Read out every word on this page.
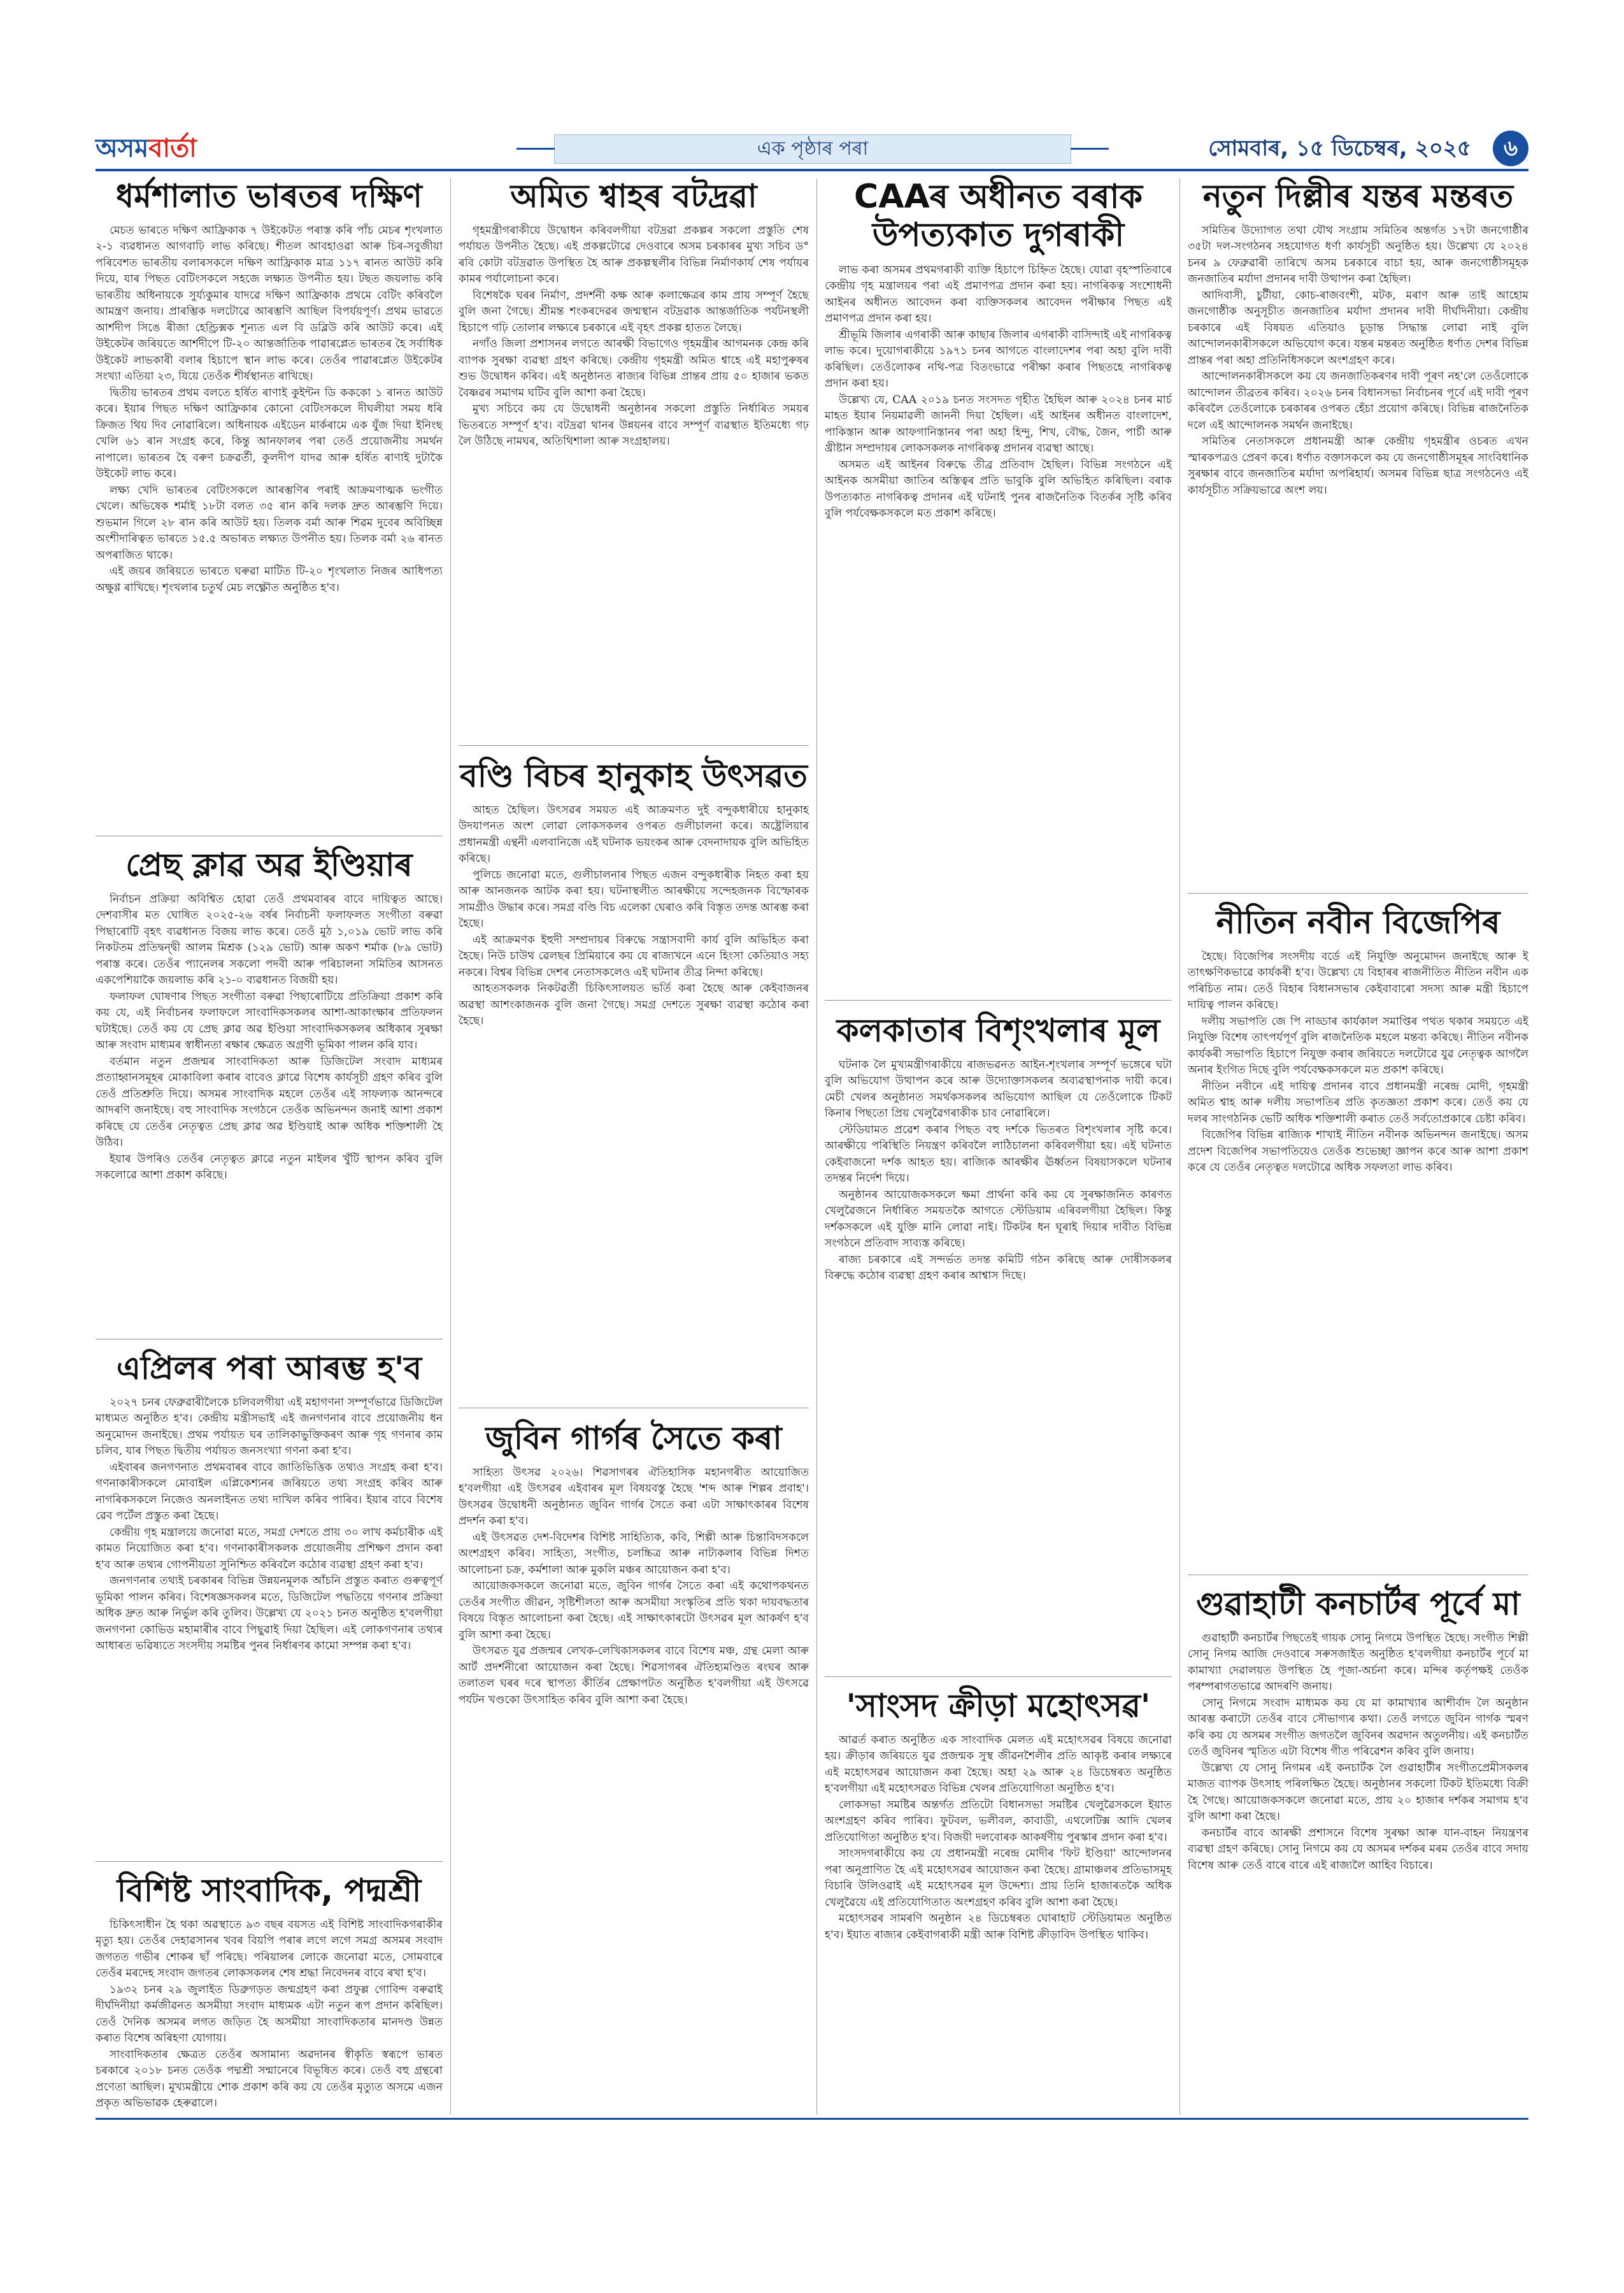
অসমবাৰ্তা	এক পৃষ্ঠাৰ পৰা	সোমবাৰ, ১৫ ডিচেম্বৰ, ২০২৫	৬
ধৰ্মশালাত ভাৰতৰ দক্ষিণ

মেচত ভাৰতে দক্ষিণ আফ্ৰিকাক ৭ উইকেটত পৰাস্ত কৰি পাঁচ মেচৰ শৃংখলাত ২-১ ব্যৱধানত আগবাঢ়ি লাভ কৰিছে। শীতল আবহাওৱা আৰু চিৰ-সবুজীয়া পৰিবেশত ভাৰতীয় বলাৰসকলে দক্ষিণ আফ্ৰিকাক মাত্ৰ ১১৭ ৰানত আউট কৰি দিয়ে, যাৰ পিছত বেটিংসকলে সহজে লক্ষ্যত উপনীত হয়। টছত জয়লাভ কৰি ভাৰতীয় অধিনায়কে সুৰ্য্যকুমাৰ যাদৱে দক্ষিণ আফ্ৰিকাক প্ৰথমে বেটিং কৰিবলৈ আমন্ত্ৰণ জনায়। প্ৰাৰম্ভিক দলটোৱে আৰম্ভণি আছিল বিপৰ্যয়পূৰ্ণ। প্ৰথম ভাৱতে আৰ্শদীপ সিঙে ৰীজা হেণ্ড্ৰিক্সক শূন্যত এল বি ডব্লিউ কৰি আউট কৰে। এই উইকেটৰ জৰিয়তে আৰ্শদীপে টি-২০ আন্তৰ্জাতিক পাৱাৰপ্লেত ভাৰতৰ হৈ সৰ্বাধিক উইকেট লাভকাৰী বলাৰ হিচাপে স্থান লাভ কৰে। তেওঁৰ পাৱাৰপ্লেত উইকেটৰ সংখ্যা এতিয়া ২৩, যিয়ে তেওঁক শীৰ্ষস্থানত ৰাখিছে।

দ্বিতীয় ভাৰতৰ প্ৰথম বলতে হৰ্ষিত ৰাণাই কুইন্টন ডি কককো ১ ৰানত আউট কৰে। ইয়াৰ পিছত দক্ষিণ আফ্ৰিকাৰ কোনো বেটিংসকলে দীঘলীয়া সময় ধৰি ক্ৰিজত থিয় দিব নোৱাৰিলে। অধিনায়ক এইডেন মাৰ্কৰামে এক যুঁজ দিয়া ইনিংছ খেলি ৬১ ৰান সংগ্ৰহ কৰে, কিন্তু আনফালৰ পৰা তেওঁ প্ৰয়োজনীয় সমৰ্থন নাপালে। ভাৰতৰ হৈ বৰুণ চক্ৰৱৰ্তী, কুলদীপ যাদৱ আৰু হৰ্ষিত ৰাণাই দুটাকৈ উইকেট লাভ কৰে।

লক্ষ্য খেদি ভাৰতৰ বেটিংসকলে আৰম্ভণিৰ পৰাই আক্ৰমণাত্মক ভংগীত খেলে। অভিষেক শৰ্মাই ১৮টা বলত ৩৫ ৰান কৰি দলক দ্ৰুত আৰম্ভণি দিয়ে। শুভমান গিলে ২৮ ৰান কৰি আউট হয়। তিলক বৰ্মা আৰু শিৱম দুবেৰ অবিচ্ছিন্ন অংশীদাৰিত্বত ভাৰতে ১৫.৫ অভাৰত লক্ষ্যত উপনীত হয়। তিলক বৰ্মা ২৬ ৰানত অপৰাজিত থাকে।

এই জয়ৰ জৰিয়তে ভাৰতে ঘৰুৱা মাটিত টি-২০ শৃংখলাত নিজৰ আধিপত্য অক্ষুণ্ণ ৰাখিছে। শৃংখলাৰ চতুৰ্থ মেচ লক্ষ্ণৌত অনুষ্ঠিত হ'ব।

প্ৰেছ ক্লাৱ অৱ ইণ্ডিয়াৰ

নিৰ্বাচন প্ৰক্ৰিয়া অবিশ্বিত হোৱা তেওঁ প্ৰথমবাৰৰ বাবে দায়িত্বত আছে। দেশবাসীৰ মত ঘোষিত ২০২৫-২৬ বৰ্ষৰ নিৰ্বাচনী ফলাফলত সংগীতা বৰুৱা পিছাৰোটি বৃহৎ ব্যৱধানত বিজয় লাভ কৰে। তেওঁ মুঠ ১,০১৯ ভোট লাভ কৰি নিকটতম প্ৰতিদ্বন্দ্বী আলম মিশ্ৰক (১২৯ ভোট) আৰু অকণ শৰ্মাক (৮৯ ভোট) পৰাস্ত কৰে। তেওঁৰ প্যানেলৰ সকলো পদবী আৰু পৰিচালনা সমিতিৰ আসনত একপেশিয়াকৈ জয়লাভ কৰি ২১-০ ব্যৱধানত বিজয়ী হয়।

ফলাফল ঘোষণাৰ পিছত সংগীতা বৰুৱা পিছাৰোটিয়ে প্ৰতিক্ৰিয়া প্ৰকাশ কৰি কয় যে, এই নিৰ্বাচনৰ ফলাফলে সাংবাদিকসকলৰ আশা-আকাংক্ষাৰ প্ৰতিফলন ঘটাইছে। তেওঁ কয় যে প্ৰেছ ক্লাৱ অৱ ইণ্ডিয়া সাংবাদিকসকলৰ অধিকাৰ সুৰক্ষা আৰু সংবাদ মাধ্যমৰ স্বাধীনতা ৰক্ষাৰ ক্ষেত্ৰত অগ্ৰণী ভূমিকা পালন কৰি যাব।

বৰ্তমান নতুন প্ৰজন্মৰ সাংবাদিকতা আৰু ডিজিটেল সংবাদ মাধ্যমৰ প্ৰত্যাহ্বানসমূহৰ মোকাবিলা কৰাৰ বাবেও ক্লাৱে বিশেষ কাৰ্যসূচী গ্ৰহণ কৰিব বুলি তেওঁ প্ৰতিশ্ৰুতি দিয়ে। অসমৰ সাংবাদিক মহলে তেওঁৰ এই সাফল্যক আনন্দৰে আদৰণি জনাইছে। বহু সাংবাদিক সংগঠনে তেওঁক অভিনন্দন জনাই আশা প্ৰকাশ কৰিছে যে তেওঁৰ নেতৃত্বত প্ৰেছ ক্লাৱ অৱ ইণ্ডিয়াই আৰু অধিক শক্তিশালী হৈ উঠিব।

ইয়াৰ উপৰিও তেওঁৰ নেতৃত্বত ক্লাৱে নতুন মাইলৰ খুঁটি স্থাপন কৰিব বুলি সকলোৱে আশা প্ৰকাশ কৰিছে।

এপ্ৰিলৰ পৰা আৰম্ভ হ'ব

২০২৭ চনৰ ফেব্ৰুৱাৰীলৈকে চলিবলগীয়া এই মহাগণনা সম্পূৰ্ণভাৱে ডিজিটেল মাধ্যমত অনুষ্ঠিত হ'ব। কেন্দ্ৰীয় মন্ত্ৰীসভাই এই জনগণনাৰ বাবে প্ৰয়োজনীয় ধন অনুমোদন জনাইছে। প্ৰথম পৰ্যায়ত ঘৰ তালিকাভুক্তিকৰণ আৰু গৃহ গণনাৰ কাম চলিব, যাৰ পিছত দ্বিতীয় পৰ্যায়ত জনসংখ্যা গণনা কৰা হ'ব।

এইবাৰৰ জনগণনাত প্ৰথমবাৰৰ বাবে জাতিভিত্তিক তথ্যও সংগ্ৰহ কৰা হ'ব। গণনাকাৰীসকলে মোবাইল এপ্লিকেশ্যনৰ জৰিয়তে তথ্য সংগ্ৰহ কৰিব আৰু নাগৰিকসকলে নিজেও অনলাইনত তথ্য দাখিল কৰিব পাৰিব। ইয়াৰ বাবে বিশেষ ৱেব পৰ্টেল প্ৰস্তুত কৰা হৈছে।

কেন্দ্ৰীয় গৃহ মন্ত্ৰালয়ে জনোৱা মতে, সমগ্ৰ দেশতে প্ৰায় ৩০ লাখ কৰ্মচাৰীক এই কামত নিয়োজিত কৰা হ'ব। গণনাকাৰীসকলক প্ৰয়োজনীয় প্ৰশিক্ষণ প্ৰদান কৰা হ'ব আৰু তথ্যৰ গোপনীয়তা সুনিশ্চিত কৰিবলৈ কঠোৰ ব্যৱস্থা গ্ৰহণ কৰা হ'ব।

জনগণনাৰ তথ্যই চৰকাৰৰ বিভিন্ন উন্নয়নমূলক আঁচনি প্ৰস্তুত কৰাত গুৰুত্বপূৰ্ণ ভূমিকা পালন কৰিব। বিশেষজ্ঞসকলৰ মতে, ডিজিটেল পদ্ধতিয়ে গণনাৰ প্ৰক্ৰিয়া অধিক দ্ৰুত আৰু নিৰ্ভুল কৰি তুলিব। উল্লেখ্য যে ২০২১ চনত অনুষ্ঠিত হ'বলগীয়া জনগণনা কোভিড মহামাৰীৰ বাবে পিছুৱাই দিয়া হৈছিল। এই লোকগণনাৰ তথ্যৰ আধাৰত ভৱিষ্যতে সংসদীয় সমষ্টিৰ পুনৰ নিৰ্ধাৰণৰ কামো সম্পন্ন কৰা হ'ব।

বিশিষ্ট সাংবাদিক, পদ্মশ্ৰী

চিকিৎসাধীন হৈ থকা অৱস্থাতে ৯৩ বছৰ বয়সত এই বিশিষ্ট সাংবাদিকগৰাকীৰ মৃত্যু হয়। তেওঁৰ দেহাৱসানৰ খবৰ বিয়পি পৰাৰ লগে লগে সমগ্ৰ অসমৰ সংবাদ জগতত গভীৰ শোকৰ ছাঁ পৰিছে। পৰিয়ালৰ লোকে জনোৱা মতে, সোমবাৰে তেওঁৰ মৰদেহ সংবাদ জগতৰ লোকসকলৰ শেষ শ্ৰদ্ধা নিবেদনৰ বাবে ৰখা হ'ব।

১৯৩২ চনৰ ২৯ জুলাইত ডিব্ৰুগড়ত জন্মগ্ৰহণ কৰা প্ৰফুল্ল গোবিন্দ বৰুৱাই দীৰ্ঘদিনীয়া কৰ্মজীৱনত অসমীয়া সংবাদ মাধ্যমক এটা নতুন ৰূপ প্ৰদান কৰিছিল। তেওঁ দৈনিক অসমৰ লগত জড়িত হৈ অসমীয়া সাংবাদিকতাৰ মানদণ্ড উন্নত কৰাত বিশেষ অৰিহণা যোগায়।

সাংবাদিকতাৰ ক্ষেত্ৰত তেওঁৰ অসামান্য অৱদানৰ স্বীকৃতি স্বৰূপে ভাৰত চৰকাৰে ২০১৮ চনত তেওঁক পদ্মশ্ৰী সন্মানেৰে বিভূষিত কৰে। তেওঁ বহু গ্ৰন্থৰো প্ৰণেতা আছিল। মুখ্যমন্ত্ৰীয়ে শোক প্ৰকাশ কৰি কয় যে তেওঁৰ মৃত্যুত অসমে এজন প্ৰকৃত অভিভাৱক হেৰুৱালে।

অমিত শ্বাহৰ বটদ্ৰৱা

গৃহমন্ত্ৰীগৰাকীয়ে উদ্বোধন কৰিবলগীয়া বটদ্ৰৱা প্ৰকল্পৰ সকলো প্ৰস্তুতি শেষ পৰ্যায়ত উপনীত হৈছে। এই প্ৰকল্পটোৱে দেওবাৰে অসম চৰকাৰৰ মুখ্য সচিব ড° ৰবি কোটা বটদ্ৰৱাত উপস্থিত হৈ আৰু প্ৰকল্পস্থলীৰ বিভিন্ন নিৰ্মাণকাৰ্য শেষ পৰ্যায়ৰ কামৰ পৰ্যালোচনা কৰে।

বিশেষকৈ ঘৰৰ নিৰ্মাণ, প্ৰদৰ্শনী কক্ষ আৰু কলাক্ষেত্ৰৰ কাম প্ৰায় সম্পূৰ্ণ হৈছে বুলি জনা গৈছে। শ্ৰীমন্ত শংকৰদেৱৰ জন্মস্থান বটদ্ৰৱাক আন্তৰ্জাতিক পৰ্যটনস্থলী হিচাপে গঢ়ি তোলাৰ লক্ষ্যৰে চৰকাৰে এই বৃহৎ প্ৰকল্প হাতত লৈছে।

নগাঁও জিলা প্ৰশাসনৰ লগতে আৰক্ষী বিভাগেও গৃহমন্ত্ৰীৰ আগমনক কেন্দ্ৰ কৰি ব্যাপক সুৰক্ষা ব্যৱস্থা গ্ৰহণ কৰিছে। কেন্দ্ৰীয় গৃহমন্ত্ৰী অমিত শ্বাহে এই মহাপুৰুষৰ শুভ উদ্বোধন কৰিব। এই অনুষ্ঠানত ৰাজ্যৰ বিভিন্ন প্ৰান্তৰ প্ৰায় ৫০ হাজাৰ ভকত বৈষ্ণৱৰ সমাগম ঘটিব বুলি আশা কৰা হৈছে।

মুখ্য সচিবে কয় যে উদ্বোধনী অনুষ্ঠানৰ সকলো প্ৰস্তুতি নিৰ্ধাৰিত সময়ৰ ভিতৰতে সম্পূৰ্ণ হ'ব। বটদ্ৰৱা থানৰ উন্নয়নৰ বাবে সম্পূৰ্ণ ব্যৱস্থাত ইতিমধ্যে গঢ় লৈ উঠিছে নামঘৰ, অতিথিশালা আৰু সংগ্ৰহালয়।

বণ্ডি বিচৰ হানুকাহ উৎসৱত

আহত হৈছিল। উৎসৱৰ সময়ত এই আক্ৰমণত দুই বন্দুকধাৰীয়ে হানুকাহ উদযাপনত অংশ লোৱা লোকসকলৰ ওপৰত গুলীচালনা কৰে। অষ্ট্ৰেলিয়াৰ প্ৰধানমন্ত্ৰী এন্থনী এলবানিজে এই ঘটনাক ভয়ংকৰ আৰু বেদনাদায়ক বুলি অভিহিত কৰিছে।

পুলিচে জনোৱা মতে, গুলীচালনাৰ পিছত এজন বন্দুকধাৰীক নিহত কৰা হয় আৰু আনজনক আটক কৰা হয়। ঘটনাস্থলীত আৰক্ষীয়ে সন্দেহজনক বিস্ফোৰক সামগ্ৰীও উদ্ধাৰ কৰে। সমগ্ৰ বণ্ডি বিচ এলেকা ঘেৰাও কৰি বিস্তৃত তদন্ত আৰম্ভ কৰা হৈছে।

এই আক্ৰমণক ইহুদী সম্প্ৰদায়ৰ বিৰুদ্ধে সন্ত্ৰাসবাদী কাৰ্য বুলি অভিহিত কৰা হৈছে। নিউ চাউথ ৱেলছৰ প্ৰিমিয়াৰে কয় যে ৰাজ্যখনে এনে হিংসা কেতিয়াও সহ্য নকৰে। বিশ্বৰ বিভিন্ন দেশৰ নেতাসকলেও এই ঘটনাৰ তীব্ৰ নিন্দা কৰিছে।

আহতসকলক নিকটৱৰ্তী চিকিৎসালয়ত ভৰ্তি কৰা হৈছে আৰু কেইবাজনৰ অৱস্থা আশংকাজনক বুলি জনা গৈছে। সমগ্ৰ দেশতে সুৰক্ষা ব্যৱস্থা কঠোৰ কৰা হৈছে।

জুবিন গাৰ্গৰ সৈতে কৰা

সাহিত্য উৎসৱ ২০২৬। শিৱসাগৰৰ ঐতিহাসিক মহানগৰীত আয়োজিত হ'বলগীয়া এই উৎসৱৰ এইবাৰৰ মূল বিষয়বস্তু হৈছে 'শব্দ আৰু শিল্পৰ প্ৰবাহ'। উৎসৱৰ উদ্বোধনী অনুষ্ঠানত জুবিন গাৰ্গৰ সৈতে কৰা এটা সাক্ষাৎকাৰৰ বিশেষ প্ৰদৰ্শন কৰা হ'ব।

এই উৎসৱত দেশ-বিদেশৰ বিশিষ্ট সাহিত্যিক, কবি, শিল্পী আৰু চিন্তাবিদসকলে অংশগ্ৰহণ কৰিব। সাহিত্য, সংগীত, চলচ্চিত্ৰ আৰু নাট্যকলাৰ বিভিন্ন দিশত আলোচনা চক্ৰ, কৰ্মশালা আৰু মুকলি মঞ্চৰ আয়োজন কৰা হ'ব।

আয়োজকসকলে জনোৱা মতে, জুবিন গাৰ্গৰ সৈতে কৰা এই কথোপকথনত তেওঁৰ সংগীত জীৱন, সৃষ্টিশীলতা আৰু অসমীয়া সংস্কৃতিৰ প্ৰতি থকা দায়বদ্ধতাৰ বিষয়ে বিস্তৃত আলোচনা কৰা হৈছে। এই সাক্ষাৎকাৰটো উৎসৱৰ মূল আকৰ্ষণ হ'ব বুলি আশা কৰা হৈছে।

উৎসৱত যুৱ প্ৰজন্মৰ লেখক-লেখিকাসকলৰ বাবে বিশেষ মঞ্চ, গ্ৰন্থ মেলা আৰু আৰ্ট প্ৰদৰ্শনীৰো আয়োজন কৰা হৈছে। শিৱসাগৰৰ ঐতিহ্যমণ্ডিত ৰংঘৰ আৰু তলাতল ঘৰৰ দৰে স্থাপত্য কীৰ্তিৰ প্ৰেক্ষাপটত অনুষ্ঠিত হ'বলগীয়া এই উৎসৱে পৰ্যটন খণ্ডকো উৎসাহিত কৰিব বুলি আশা কৰা হৈছে।

CAAৰ অধীনত বৰাক উপত্যকাত দুগৰাকী

লাভ কৰা অসমৰ প্ৰথমগৰাকী ব্যক্তি হিচাপে চিহ্নিত হৈছে। যোৱা বৃহস্পতিবাৰে কেন্দ্ৰীয় গৃহ মন্ত্ৰালয়ৰ পৰা এই প্ৰমাণপত্ৰ প্ৰদান কৰা হয়। নাগৰিকত্ব সংশোধনী আইনৰ অধীনত আবেদন কৰা ব্যক্তিসকলৰ আবেদন পৰীক্ষাৰ পিছত এই প্ৰমাণপত্ৰ প্ৰদান কৰা হয়।

শ্ৰীভূমি জিলাৰ এগৰাকী আৰু কাছাৰ জিলাৰ এগৰাকী বাসিন্দাই এই নাগৰিকত্ব লাভ কৰে। দুয়োগৰাকীয়ে ১৯৭১ চনৰ আগতে বাংলাদেশৰ পৰা অহা বুলি দাবী কৰিছিল। তেওঁলোকৰ নথি-পত্ৰ বিতংভাৱে পৰীক্ষা কৰাৰ পিছতহে নাগৰিকত্ব প্ৰদান কৰা হয়।

উল্লেখ্য যে, CAA ২০১৯ চনত সংসদত গৃহীত হৈছিল আৰু ২০২৪ চনৰ মাৰ্চ মাহত ইয়াৰ নিয়মাৱলী জাননী দিয়া হৈছিল। এই আইনৰ অধীনত বাংলাদেশ, পাকিস্তান আৰু আফগানিস্তানৰ পৰা অহা হিন্দু, শিখ, বৌদ্ধ, জৈন, পাৰ্চী আৰু খ্ৰীষ্টান সম্প্ৰদায়ৰ লোকসকলক নাগৰিকত্ব প্ৰদানৰ ব্যৱস্থা আছে।

অসমত এই আইনৰ বিৰুদ্ধে তীব্ৰ প্ৰতিবাদ হৈছিল। বিভিন্ন সংগঠনে এই আইনক অসমীয়া জাতিৰ অস্তিত্বৰ প্ৰতি ভাবুকি বুলি অভিহিত কৰিছিল। বৰাক উপত্যকাত নাগৰিকত্ব প্ৰদানৰ এই ঘটনাই পুনৰ ৰাজনৈতিক বিতৰ্কৰ সৃষ্টি কৰিব বুলি পৰ্যবেক্ষকসকলে মত প্ৰকাশ কৰিছে।

কলকাতাৰ বিশৃংখলাৰ মূল

ঘটনাক লৈ মুখ্যমন্ত্ৰীগৰাকীয়ে ৰাজভৱনত আইন-শৃংখলাৰ সম্পূৰ্ণ ভঙ্গেৰে ঘটা বুলি অভিযোগ উত্থাপন কৰে আৰু উদ্যোক্তাসকলৰ অব্যৱস্থাপনাক দায়ী কৰে। মেচী খেলৰ অনুষ্ঠানত সমৰ্থকসকলৰ অভিযোগ আছিল যে তেওঁলোকে টিকট কিনাৰ পিছতো প্ৰিয় খেলুৱৈগৰাকীক চাব নোৱাৰিলে।

স্টেডিয়ামত প্ৰৱেশ কৰাৰ পিছত বহু দৰ্শকে ভিতৰত বিশৃংখলাৰ সৃষ্টি কৰে। আৰক্ষীয়ে পৰিস্থিতি নিয়ন্ত্ৰণ কৰিবলৈ লাঠিচালনা কৰিবলগীয়া হয়। এই ঘটনাত কেইবাজনো দৰ্শক আহত হয়। ৰাজ্যিক আৰক্ষীৰ ঊৰ্ধ্বতন বিষয়াসকলে ঘটনাৰ তদন্তৰ নিৰ্দেশ দিয়ে।

অনুষ্ঠানৰ আয়োজকসকলে ক্ষমা প্ৰাৰ্থনা কৰি কয় যে সুৰক্ষাজনিত কাৰণত খেলুৱৈজনে নিৰ্ধাৰিত সময়তকৈ আগতে স্টেডিয়াম এৰিবলগীয়া হৈছিল। কিন্তু দৰ্শকসকলে এই যুক্তি মানি লোৱা নাই। টিকটৰ ধন ঘূৰাই দিয়াৰ দাবীত বিভিন্ন সংগঠনে প্ৰতিবাদ সাব্যস্ত কৰিছে।

ৰাজ্য চৰকাৰে এই সন্দৰ্ভত তদন্ত কমিটি গঠন কৰিছে আৰু দোষীসকলৰ বিৰুদ্ধে কঠোৰ ব্যৱস্থা গ্ৰহণ কৰাৰ আশ্বাস দিছে।

'সাংসদ ক্ৰীড়া মহোৎসৱ'

আৱৰ্ত কৰাত অনুষ্ঠিত এক সাংবাদিক মেলত এই মহোৎসৱৰ বিষয়ে জনোৱা হয়। ক্ৰীড়াৰ জৰিয়তে যুৱ প্ৰজন্মক সুস্থ জীৱনশৈলীৰ প্ৰতি আকৃষ্ট কৰাৰ লক্ষ্যৰে এই মহোৎসৱৰ আয়োজন কৰা হৈছে। অহা ২৯ আৰু ২৪ ডিচেম্বৰত অনুষ্ঠিত হ'বলগীয়া এই মহোৎসৱত বিভিন্ন খেলৰ প্ৰতিযোগিতা অনুষ্ঠিত হ'ব।

লোকসভা সমষ্টিৰ অন্তৰ্গত প্ৰতিটো বিধানসভা সমষ্টিৰ খেলুৱৈসকলে ইয়াত অংশগ্ৰহণ কৰিব পাৰিব। ফুটবল, ভলীবল, কাবাডী, এথলেটিক্স আদি খেলৰ প্ৰতিযোগিতা অনুষ্ঠিত হ'ব। বিজয়ী দলবোৰক আকৰ্ষণীয় পুৰস্কাৰ প্ৰদান কৰা হ'ব।

সাংসদগৰাকীয়ে কয় যে প্ৰধানমন্ত্ৰী নৰেন্দ্ৰ মোদীৰ 'ফিট ইণ্ডিয়া' আন্দোলনৰ পৰা অনুপ্ৰাণিত হৈ এই মহোৎসৱৰ আয়োজন কৰা হৈছে। গ্ৰামাঞ্চলৰ প্ৰতিভাসমূহ বিচাৰি উলিওৱাই এই মহোৎসৱৰ মূল উদ্দেশ্য। প্ৰায় তিনি হাজাৰতকৈ অধিক খেলুৱৈয়ে এই প্ৰতিযোগিতাত অংশগ্ৰহণ কৰিব বুলি আশা কৰা হৈছে।

মহোৎসৱৰ সামৰণি অনুষ্ঠান ২৪ ডিচেম্বৰত ঘোৰাহাট স্টেডিয়ামত অনুষ্ঠিত হ'ব। ইয়াত ৰাজ্যৰ কেইবাগৰাকী মন্ত্ৰী আৰু বিশিষ্ট ক্ৰীড়াবিদ উপস্থিত থাকিব।

নতুন দিল্লীৰ যন্তৰ মন্তৰত

সমিতিৰ উদ্যোগত তথা যৌথ সংগ্ৰাম সমিতিৰ অন্তৰ্গত ১৭টা জনগোষ্ঠীৰ ৩৫টা দল-সংগঠনৰ সহযোগত ধৰ্ণা কাৰ্যসূচী অনুষ্ঠিত হয়। উল্লেখ্য যে ২০২৪ চনৰ ৯ ফেব্ৰুৱাৰী তাৰিখে অসম চৰকাৰে বাচা হয়, আৰু জনগোষ্ঠীসমূহক জনজাতিৰ মৰ্যাদা প্ৰদানৰ দাবী উত্থাপন কৰা হৈছিল।

আদিবাসী, চুটীয়া, কোচ-ৰাজবংশী, মটক, মৰাণ আৰু তাই আহোম জনগোষ্ঠীক অনুসূচীত জনজাতিৰ মৰ্যাদা প্ৰদানৰ দাবী দীৰ্ঘদিনীয়া। কেন্দ্ৰীয় চৰকাৰে এই বিষয়ত এতিয়াও চূড়ান্ত সিদ্ধান্ত লোৱা নাই বুলি আন্দোলনকাৰীসকলে অভিযোগ কৰে। যন্তৰ মন্তৰত অনুষ্ঠিত ধৰ্ণাত দেশৰ বিভিন্ন প্ৰান্তৰ পৰা অহা প্ৰতিনিধিসকলে অংশগ্ৰহণ কৰে।

আন্দোলনকাৰীসকলে কয় যে জনজাতিকৰণৰ দাবী পূৰণ নহ'লে তেওঁলোকে আন্দোলন তীব্ৰতৰ কৰিব। ২০২৬ চনৰ বিধানসভা নিৰ্বাচনৰ পূৰ্বে এই দাবী পূৰণ কৰিবলৈ তেওঁলোকে চৰকাৰৰ ওপৰত হেঁচা প্ৰয়োগ কৰিছে। বিভিন্ন ৰাজনৈতিক দলে এই আন্দোলনক সমৰ্থন জনাইছে।

সমিতিৰ নেতাসকলে প্ৰধানমন্ত্ৰী আৰু কেন্দ্ৰীয় গৃহমন্ত্ৰীৰ ওচৰত এখন স্মাৰকপত্ৰও প্ৰেৰণ কৰে। ধৰ্ণাত বক্তাসকলে কয় যে জনগোষ্ঠীসমূহৰ সাংবিধানিক সুৰক্ষাৰ বাবে জনজাতিৰ মৰ্যাদা অপৰিহাৰ্য। অসমৰ বিভিন্ন ছাত্ৰ সংগঠনেও এই কাৰ্যসূচীত সক্ৰিয়ভাৱে অংশ লয়।

নীতিন নবীন বিজেপিৰ

হৈছে। বিজেপিৰ সংসদীয় বৰ্ডে এই নিযুক্তি অনুমোদন জনাইছে আৰু ই তাৎক্ষণিকভাৱে কাৰ্যকৰী হ'ব। উল্লেখ্য যে বিহাৰৰ ৰাজনীতিত নীতিন নবীন এক পৰিচিত নাম। তেওঁ বিহাৰ বিধানসভাৰ কেইবাবাৰো সদস্য আৰু মন্ত্ৰী হিচাপে দায়িত্ব পালন কৰিছে।

দলীয় সভাপতি জে পি নাড্ডাৰ কাৰ্যকাল সমাপ্তিৰ পথত থকাৰ সময়তে এই নিযুক্তি বিশেষ তাৎপৰ্যপূৰ্ণ বুলি ৰাজনৈতিক মহলে মন্তব্য কৰিছে। নীতিন নবীনক কাৰ্যকৰী সভাপতি হিচাপে নিযুক্ত কৰাৰ জৰিয়তে দলটোৱে যুৱ নেতৃত্বক আগলৈ অনাৰ ইংগিত দিছে বুলি পৰ্যবেক্ষকসকলে মত প্ৰকাশ কৰিছে।

নীতিন নবীনে এই দায়িত্ব প্ৰদানৰ বাবে প্ৰধানমন্ত্ৰী নৰেন্দ্ৰ মোদী, গৃহমন্ত্ৰী অমিত শ্বাহ আৰু দলীয় সভাপতিৰ প্ৰতি কৃতজ্ঞতা প্ৰকাশ কৰে। তেওঁ কয় যে দলৰ সাংগঠনিক ভেটি অধিক শক্তিশালী কৰাত তেওঁ সৰ্বতোপ্ৰকাৰে চেষ্টা কৰিব।

বিজেপিৰ বিভিন্ন ৰাজ্যিক শাখাই নীতিন নবীনক অভিনন্দন জনাইছে। অসম প্ৰদেশ বিজেপিৰ সভাপতিয়েও তেওঁক শুভেচ্ছা জ্ঞাপন কৰে আৰু আশা প্ৰকাশ কৰে যে তেওঁৰ নেতৃত্বত দলটোৱে অধিক সফলতা লাভ কৰিব।

গুৱাহাটী কনচাৰ্টৰ পূৰ্বে মা

গুৱাহাটী কনচাৰ্টৰ পিছতেই গায়ক সোনু নিগমে উপস্থিত হৈছে। সংগীত শিল্পী সোনু নিগম আজি দেওবাৰে সৰুসজাইত অনুষ্ঠিত হ'বলগীয়া কনচাৰ্টৰ পূৰ্বে মা কামাখ্যা দেৱালয়ত উপস্থিত হৈ পূজা-অৰ্চনা কৰে। মন্দিৰ কৰ্তৃপক্ষই তেওঁক পৰম্পৰাগতভাৱে আদৰণি জনায়।

সোনু নিগমে সংবাদ মাধ্যমক কয় যে মা কামাখ্যাৰ আশীৰ্বাদ লৈ অনুষ্ঠান আৰম্ভ কৰাটো তেওঁৰ বাবে সৌভাগ্যৰ কথা। তেওঁ লগতে জুবিন গাৰ্গক স্মৰণ কৰি কয় যে অসমৰ সংগীত জগতলৈ জুবিনৰ অৱদান অতুলনীয়। এই কনচাৰ্টত তেওঁ জুবিনৰ স্মৃতিত এটা বিশেষ গীত পৰিৱেশন কৰিব বুলি জনায়।

উল্লেখ্য যে সোনু নিগমৰ এই কনচাৰ্টক লৈ গুৱাহাটীৰ সংগীতপ্ৰেমীসকলৰ মাজত ব্যাপক উৎসাহ পৰিলক্ষিত হৈছে। অনুষ্ঠানৰ সকলো টিকট ইতিমধ্যে বিক্ৰী হৈ গৈছে। আয়োজকসকলে জনোৱা মতে, প্ৰায় ২০ হাজাৰ দৰ্শকৰ সমাগম হ'ব বুলি আশা কৰা হৈছে।

কনচাৰ্টৰ বাবে আৰক্ষী প্ৰশাসনে বিশেষ সুৰক্ষা আৰু যান-বাহন নিয়ন্ত্ৰণৰ ব্যৱস্থা গ্ৰহণ কৰিছে। সোনু নিগমে কয় যে অসমৰ দৰ্শকৰ মৰম তেওঁৰ বাবে সদায় বিশেষ আৰু তেওঁ বাৰে বাৰে এই ৰাজ্যলৈ আহিব বিচাৰে।
